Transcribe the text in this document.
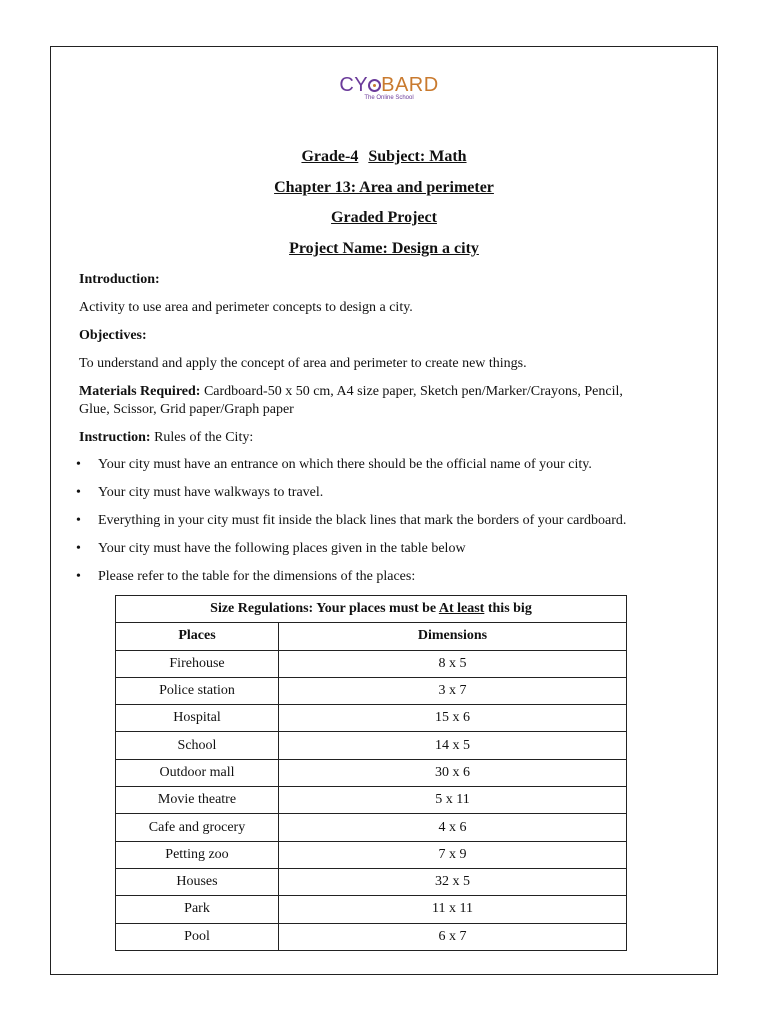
CY BARD
The Online School
Grade-4 Subject: Math
Chapter 13: Area and perimeter
Graded Project
Project Name: Design a city
Introduction:
Activity to use area and perimeter concepts to design a city.
Objectives:
To understand and apply the concept of area and perimeter to create new things.
Materials Required: Cardboard-50 x 50 cm, A4 size paper, Sketch pen/Marker/Crayons, Pencil,
Glue, Scissor, Grid paper/Graph paper
Instruction: Rules of the City:
• Your city must have an entrance on which there should be the official name of your city.
• Your city must have walkways to travel.
• Everything in your city must fit inside the black lines that mark the borders of your cardboard.
• Your city must have the following places given in the table below
• Please refer to the table for the dimensions of the places:
Size Regulations: Your places must be At least this big	
Places	Dimensions
Firehouse	8 x 5
Police station	3 x 7
Hospital	15 x 6
School	14 x 5
Outdoor mall	30 x 6
Movie theatre	5 x 11
Cafe and grocery	4 x 6
Petting zoo	7 x 9
Houses	32 x 5
Park	11 x 11
Pool	6 x 7
